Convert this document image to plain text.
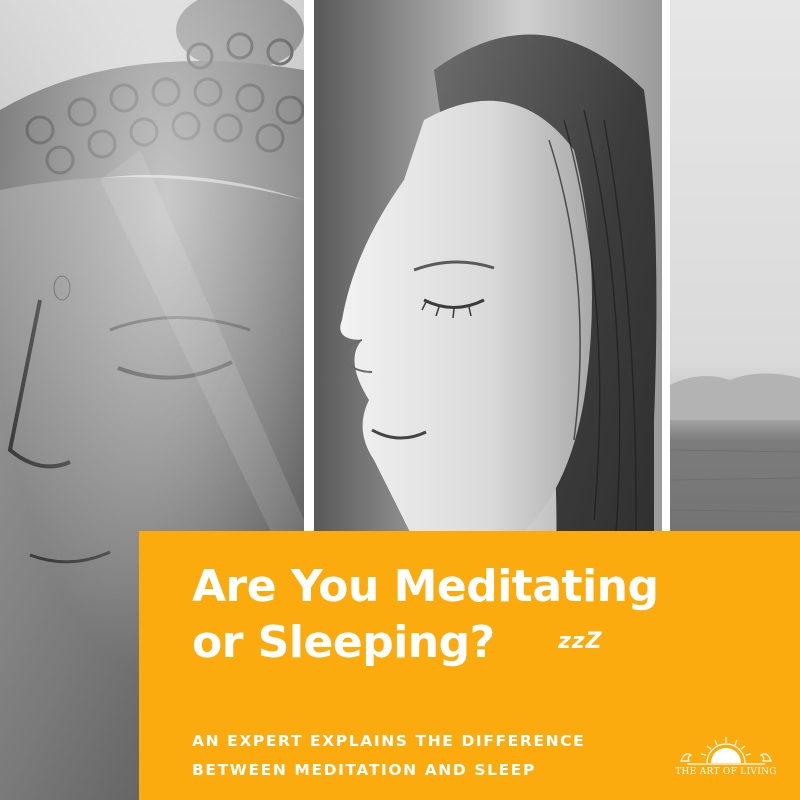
Are You Meditating
or Sleeping?	zzZ
AN EXPERT EXPLAINS THE DIFFERENCE
BETWEEN MEDITATION AND SLEEP	THE ART OF LIVING
